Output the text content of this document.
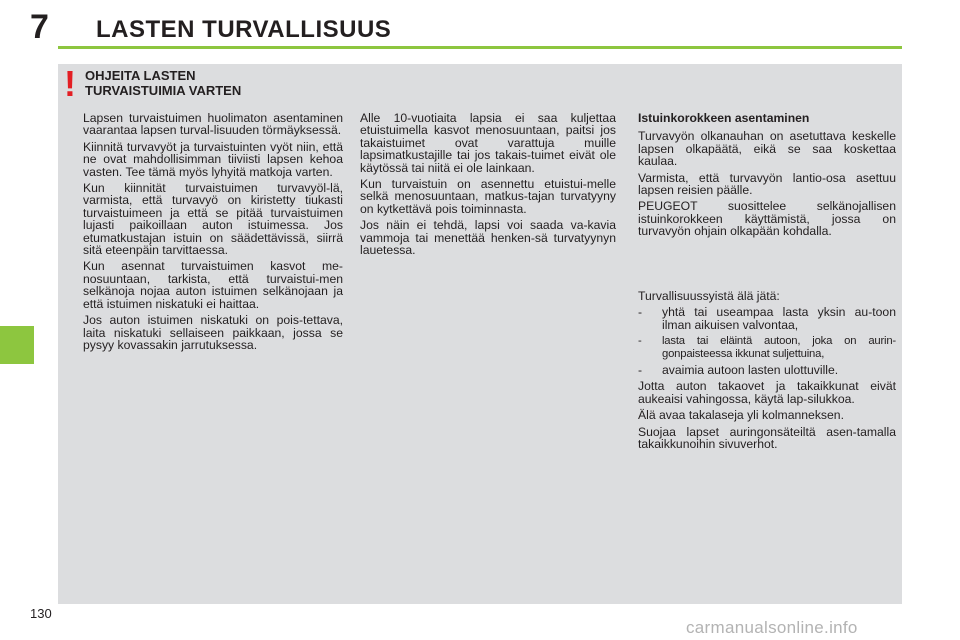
7 LASTEN TURVALLISUUS
! OHJEITA LASTEN
TURVAISTUIMIA VARTEN

Lapsen turvaistuimen huolimaton asentaminen vaarantaa lapsen turval-lisuuden törmäyksessä.

Kiinnitä turvavyöt ja turvaistuinten vyöt niin, että ne ovat mahdollisimman tiiviisti lapsen kehoa vasten. Tee tämä myös lyhyitä matkoja varten.

Kun kiinnität turvaistuimen turvavyöl-lä, varmista, että turvavyö on kiristetty tiukasti turvaistuimeen ja että se pitää turvaistuimen lujasti paikoillaan auton istuimessa. Jos etumatkustajan istuin on säädettävissä, siirrä sitä eteenpäin tarvittaessa.

Kun asennat turvaistuimen kasvot me-nosuuntaan, tarkista, että turvaistui-men selkänoja nojaa auton istuimen selkänojaan ja että istuimen niskatuki ei haittaa.

Jos auton istuimen niskatuki on pois-tettava, laita niskatuki sellaiseen paikkaan, jossa se pysyy kovassakin jarrutuksessa.

Alle 10-vuotiaita lapsia ei saa kuljettaa etuistuimella kasvot menosuuntaan, paitsi jos takaistuimet ovat varattuja muille lapsimatkustajille tai jos takais-tuimet eivät ole käytössä tai niitä ei ole lainkaan.

Kun turvaistuin on asennettu etuistui-melle selkä menosuuntaan, matkus-tajan turvatyyny on kytkettävä pois toiminnasta.

Jos näin ei tehdä, lapsi voi saada va-kavia vammoja tai menettää henken-sä turvatyynyn lauetessa.

Istuinkorokkeen asentaminen

Turvavyön olkanauhan on asetuttava keskelle lapsen olkapäätä, eikä se saa koskettaa kaulaa.

Varmista, että turvavyön lantio-osa asettuu lapsen reisien päälle.

PEUGEOT suosittelee selkänojallisen istuinkorokkeen käyttämistä, jossa on turvavyön ohjain olkapään kohdalla.

Turvallisuussyistä älä jätä:

- yhtä tai useampaa lasta yksin au-toon ilman aikuisen valvontaa,
- lasta tai eläintä autoon, joka on aurin-gonpaisteessa ikkunat suljettuina,
- avaimia autoon lasten ulottuville.

Jotta auton takaovet ja takaikkunat eivät aukeaisi vahingossa, käytä lap-silukkoa.

Älä avaa takalaseja yli kolmanneksen.

Suojaa lapset auringonsäteiltä asen-tamalla takaikkunoihin sivuverhot.

130
carmanualsonline.info
